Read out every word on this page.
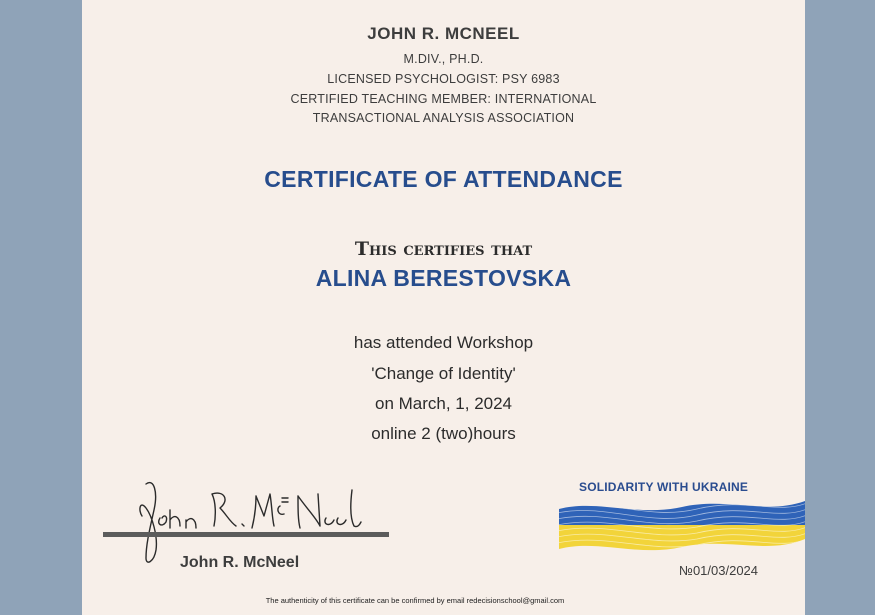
JOHN R. MCNEEL
M.DIV., PH.D.
LICENSED PSYCHOLOGIST: PSY 6983
CERTIFIED TEACHING MEMBER: INTERNATIONAL
TRANSACTIONAL ANALYSIS ASSOCIATION
CERTIFICATE OF ATTENDANCE
This certifies that
ALINA BERESTOVSKA
has attended Workshop
'Change of Identity'
on March, 1, 2024
online 2 (two)hours
John R. McNeel
SOLIDARITY WITH UKRAINE
№01/03/2024
The authenticity of this certificate can be confirmed by email redecisionschool@gmail.com
